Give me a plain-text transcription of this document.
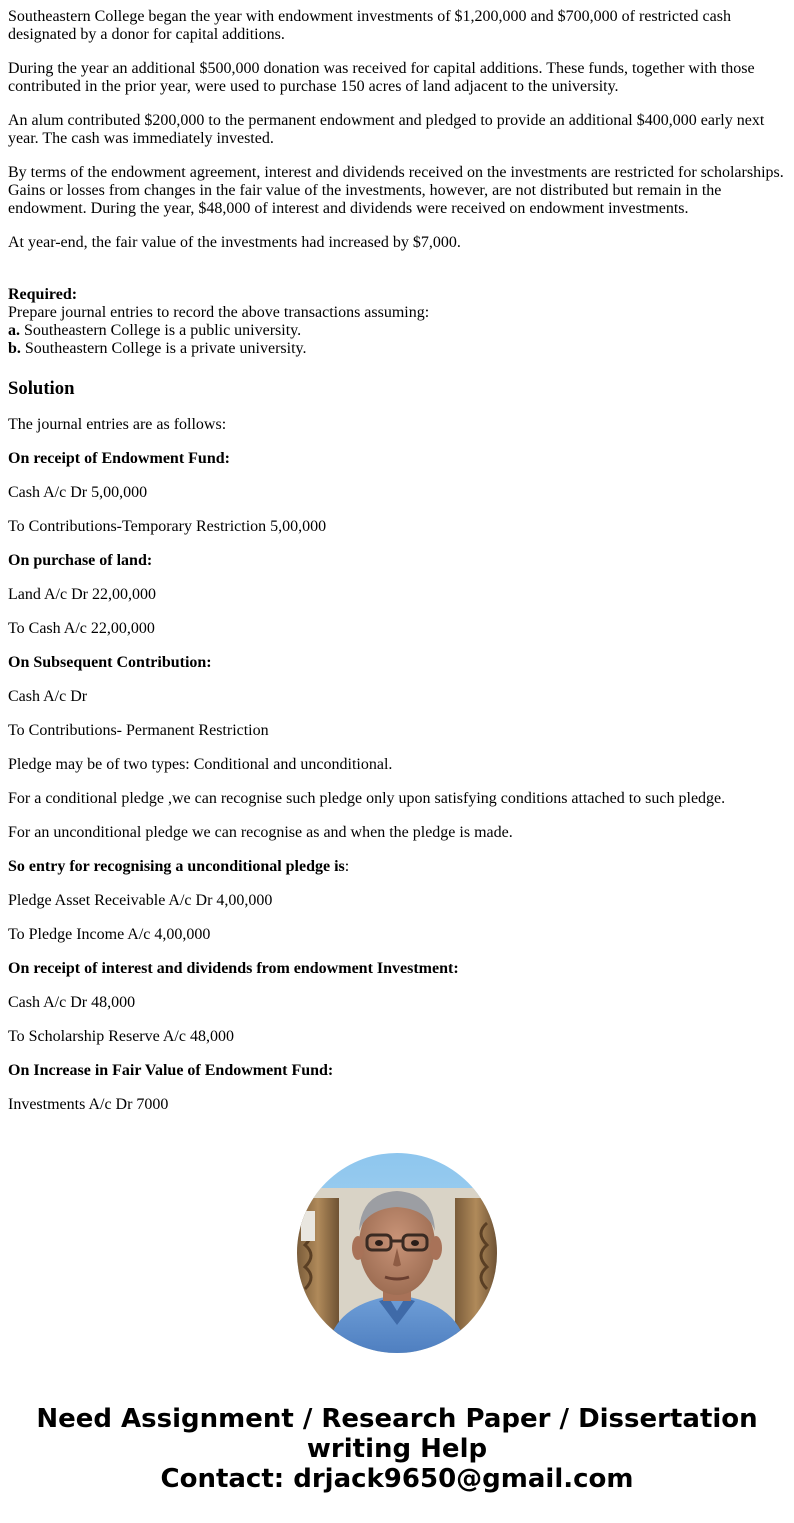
Southeastern College began the year with endowment investments of $1,200,000 and $700,000 of restricted cash designated by a donor for capital additions.

During the year an additional $500,000 donation was received for capital additions. These funds, together with those contributed in the prior year, were used to purchase 150 acres of land adjacent to the university.

An alum contributed $200,000 to the permanent endowment and pledged to provide an additional $400,000 early next year. The cash was immediately invested.

By terms of the endowment agreement, interest and dividends received on the investments are restricted for scholarships. Gains or losses from changes in the fair value of the investments, however, are not distributed but remain in the endowment. During the year, $48,000 of interest and dividends were received on endowment investments.

At year-end, the fair value of the investments had increased by $7,000.

Required:
Prepare journal entries to record the above transactions assuming:
a. Southeastern College is a public university.
b. Southeastern College is a private university.
Solution

The journal entries are as follows:

On receipt of Endowment Fund:

Cash A/c Dr 5,00,000

To Contributions-Temporary Restriction 5,00,000

On purchase of land:

Land A/c Dr 22,00,000

To Cash A/c 22,00,000

On Subsequent Contribution:

Cash A/c Dr

To Contributions- Permanent Restriction

Pledge may be of two types: Conditional and unconditional.

For a conditional pledge ,we can recognise such pledge only upon satisfying conditions attached to such pledge.

For an unconditional pledge we can recognise as and when the pledge is made.

So entry for recognising a unconditional pledge is:

Pledge Asset Receivable A/c Dr 4,00,000

To Pledge Income A/c 4,00,000

On receipt of interest and dividends from endowment Investment:

Cash A/c Dr 48,000

To Scholarship Reserve A/c 48,000

On Increase in Fair Value of Endowment Fund:

Investments A/c Dr 7000

Need Assignment / Research Paper / Dissertation writing Help
Contact: drjack9650@gmail.com
